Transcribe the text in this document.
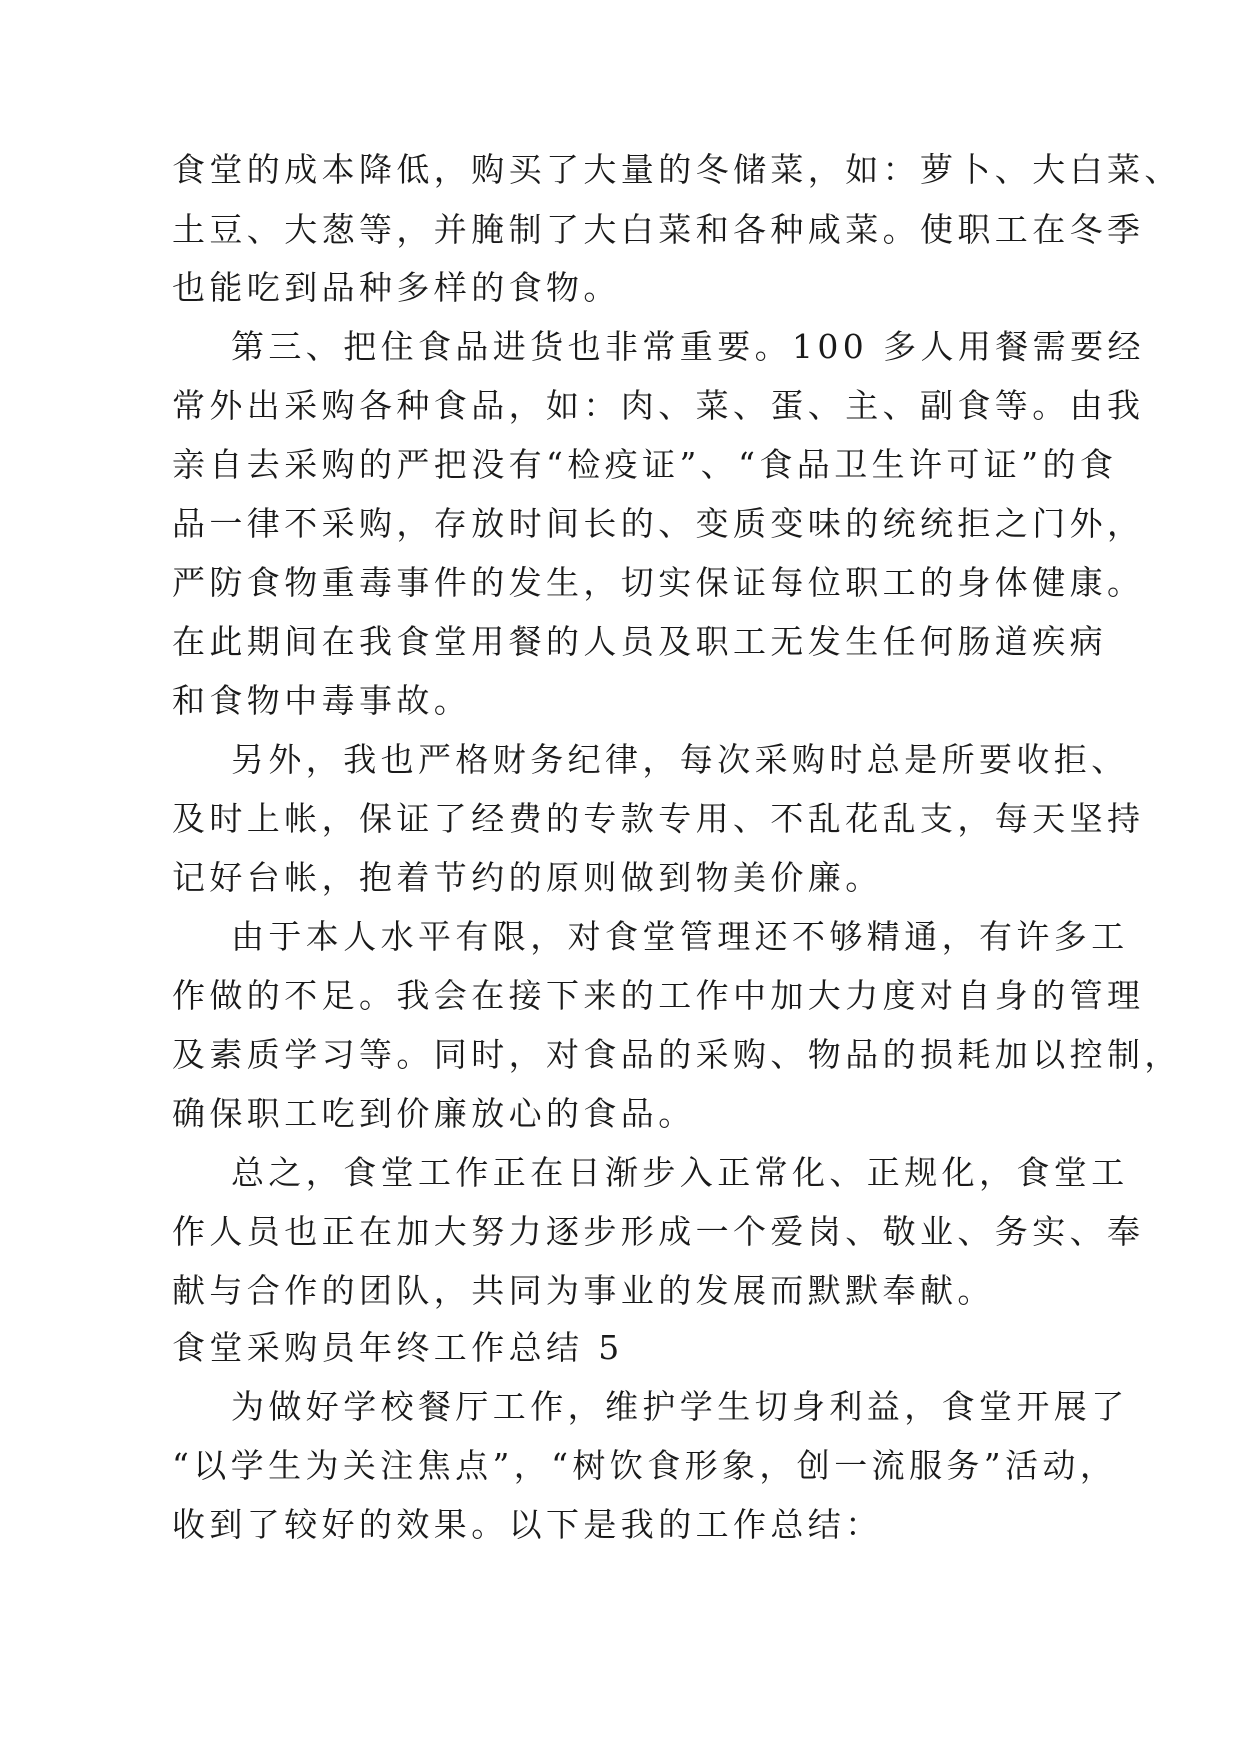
食堂的成本降低，购买了大量的冬储菜，如：萝卜、大白菜、
土豆、大葱等，并腌制了大白菜和各种咸菜。使职工在冬季
也能吃到品种多样的食物。
第三、把住食品进货也非常重要。100 多人用餐需要经
常外出采购各种食品，如：肉、菜、蛋、主、副食等。由我
亲自去采购的严把没有“检疫证”、“食品卫生许可证”的食
品一律不采购，存放时间长的、变质变味的统统拒之门外，
严防食物重毒事件的发生，切实保证每位职工的身体健康。
在此期间在我食堂用餐的人员及职工无发生任何肠道疾病
和食物中毒事故。
另外，我也严格财务纪律，每次采购时总是所要收拒、
及时上帐，保证了经费的专款专用、不乱花乱支，每天坚持
记好台帐，抱着节约的原则做到物美价廉。
由于本人水平有限，对食堂管理还不够精通，有许多工
作做的不足。我会在接下来的工作中加大力度对自身的管理
及素质学习等。同时，对食品的采购、物品的损耗加以控制，
确保职工吃到价廉放心的食品。
总之，食堂工作正在日渐步入正常化、正规化，食堂工
作人员也正在加大努力逐步形成一个爱岗、敬业、务实、奉
献与合作的团队，共同为事业的发展而默默奉献。
食堂采购员年终工作总结 5
为做好学校餐厅工作，维护学生切身利益，食堂开展了
“以学生为关注焦点”，“树饮食形象，创一流服务”活动，
收到了较好的效果。以下是我的工作总结：
